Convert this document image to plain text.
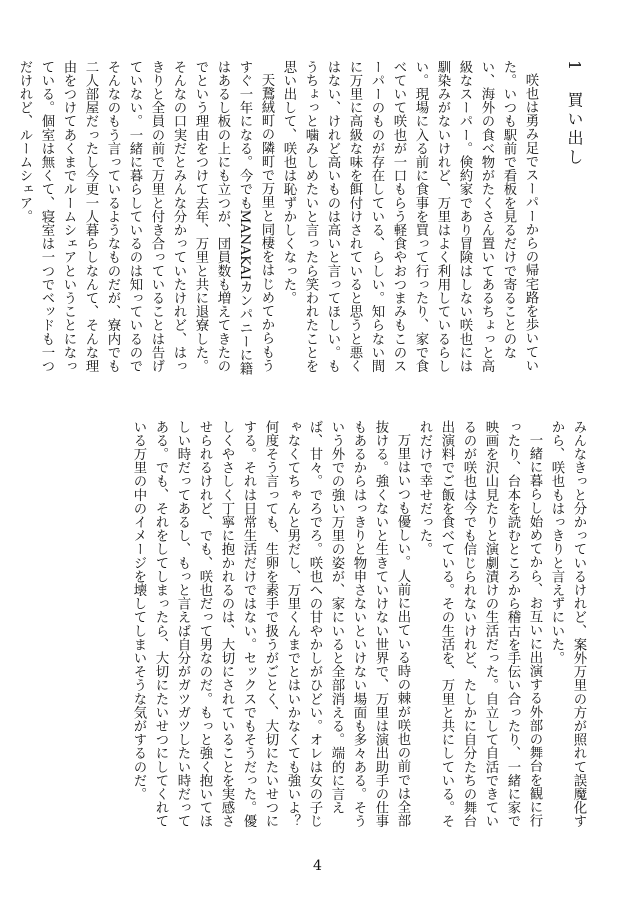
1買い出し

咲也は勇み足でスーパーからの帰宅路を歩いていた。いつも駅前で看板を見るだけで寄ることのない、海外の食べ物がたくさん置いてあるちょっと高級なスーパー。倹約家であり冒険はしない咲也には馴染みがないけれど、万里はよく利用しているらしい。現場に入る前に食事を買って行ったり、家で食べていて咲也が一口もらう軽食やおつまみもこのスーパーのものが存在している、らしい。知らない間に万里に高級な味を餌付けされていると思うと悪くはない、けれど高いものは高いと言ってほしい。もうちょっと噛みしめたいと言ったら笑われたことを思い出して、咲也は恥ずかしくなった。

天鵞絨町の隣町で万里と同棲をはじめてからもうすぐ一年になる。今でもMANAKAIカンパニーに籍はあるし板の上にも立つが、団員数も増えてきたのでという理由をつけて去年、万里と共に退寮した。そんなの口実だとみんな分かっていたけれど、はっきりと全員の前で万里と付き合っていることは告げていない。一緒に暮らしているのは知っているのでそんなのもう言っているようなものだが、寮内でも二人部屋だったし今更一人暮らしなんて、そんな理由をつけてあくまでルームシェアということになっている。個室は無くて、寝室は一つでベッドも一つだけれど、ルームシェア。

みんなきっと分かっているけれど、案外万里の方が照れて誤魔化すから、咲也もはっきりと言えずにいた。

一緒に暮らし始めてから、お互いに出演する外部の舞台を観に行ったり、台本を読むところから稽古を手伝い合ったり、一緒に家で映画を沢山見たりと演劇漬けの生活だった。自立して自活できているのが咲也は今でも信じられないけれど、たしかに自分たちの舞台出演料でご飯を食べている。その生活を、万里と共にしている。それだけで幸せだった。

万里はいつも優しい。人前に出ている時の棘が咲也の前では全部抜ける。強くないと生きていけない世界で、万里は演出助手の仕事もあるからはっきりと物申さないといけない場面も多々ある。そういう外での強い万里の姿が、家にいると全部消える。端的に言えば、甘々。でろでろ。咲也への甘やかしがひどい。オレは女の子じゃなくてちゃんと男だし、万里くんまでとはいかなくても強いよ？　何度そう言っても、生卵を素手で扱うがごとく、大切にたいせつにする。それは日常生活だけではない。セックスでもそうだった。優しくやさしく丁寧に抱かれるのは、大切にされていることを実感させられるけれど、でも、咲也だって男なのだ。もっと強く抱いてほしい時だってあるし、もっと言えば自分がガツガツしたい時だってある。でも、それをしてしまったら、大切にたいせつにしてくれている万里の中のイメージを壊してしまいそうな気がするのだ。

4
